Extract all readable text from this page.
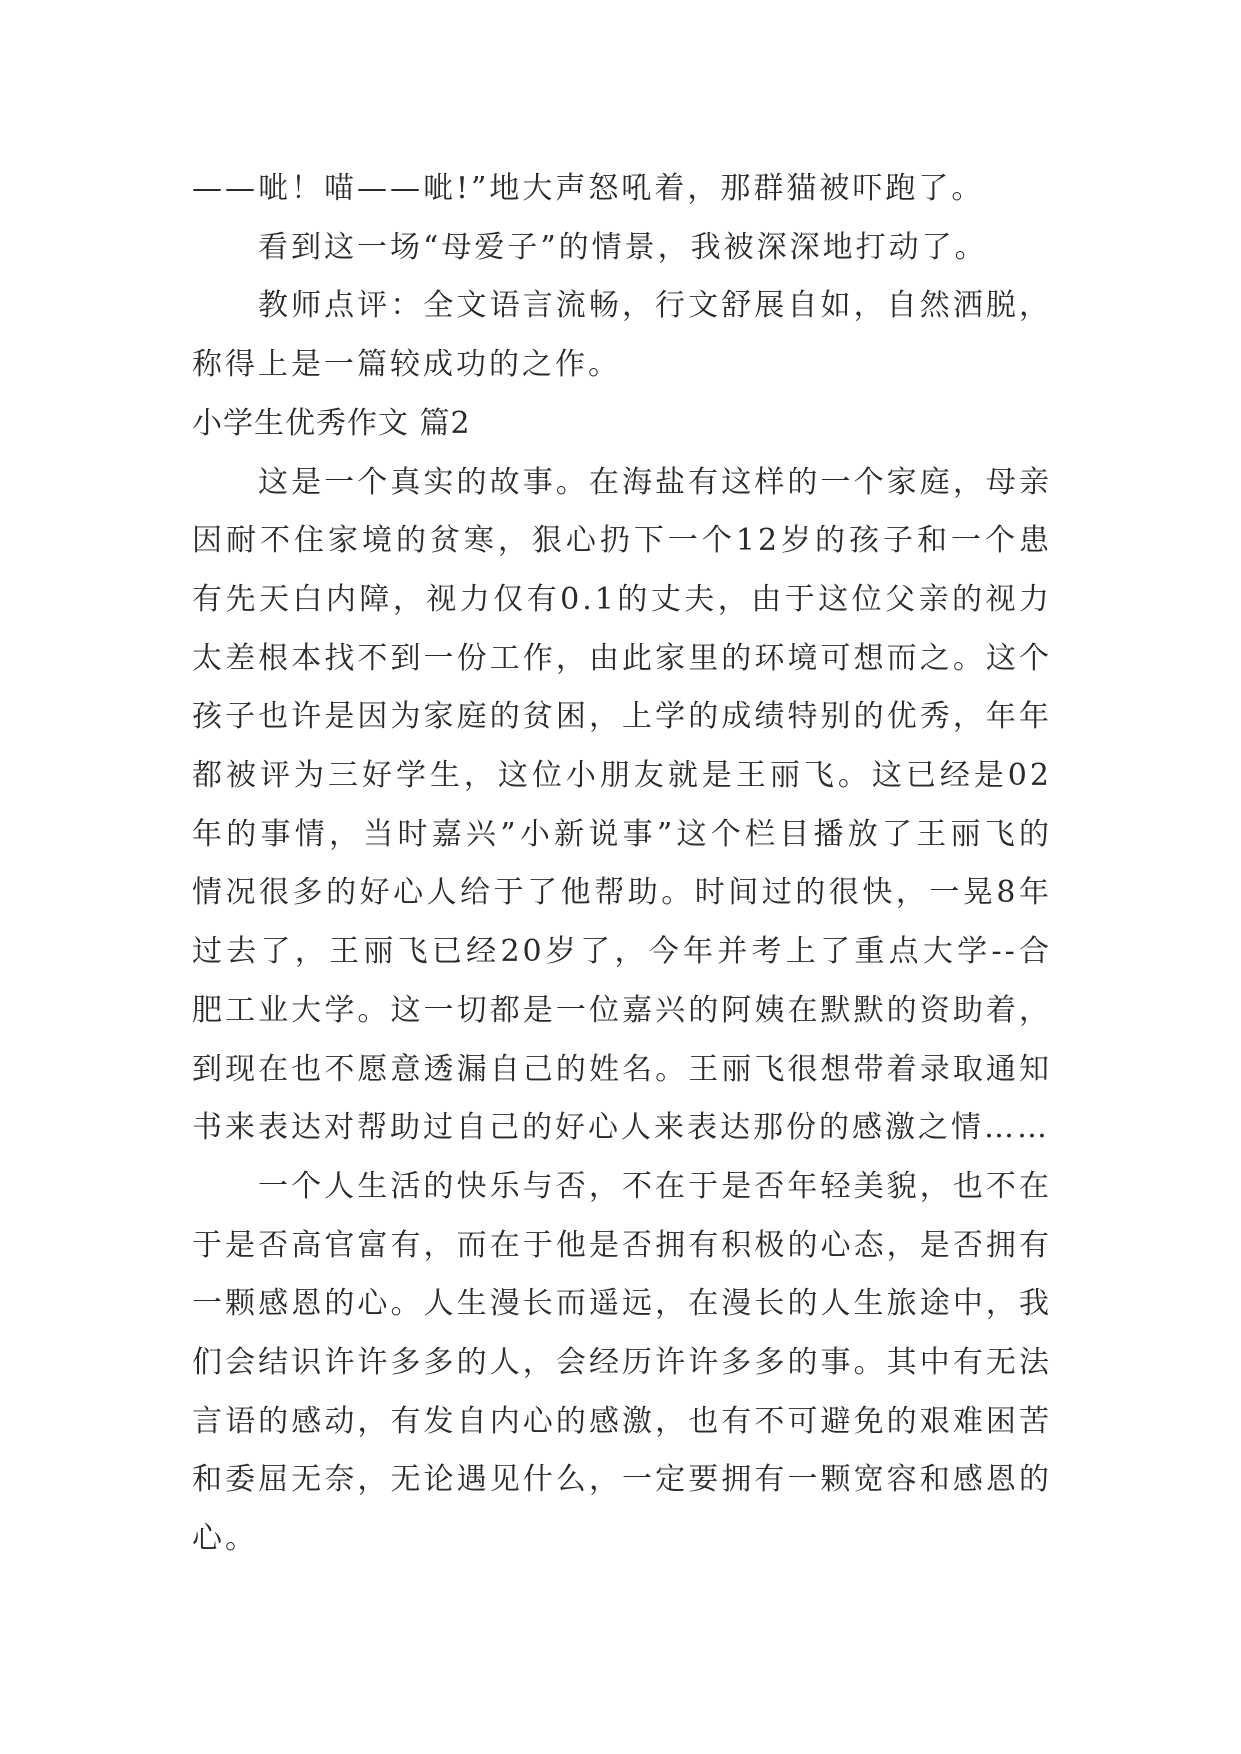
——呲！喵——呲!”地大声怒吼着，那群猫被吓跑了。

看到这一场“母爱子”的情景，我被深深地打动了。

教师点评：全文语言流畅，行文舒展自如，自然洒脱，称得上是一篇较成功的之作。

小学生优秀作文 篇2

这是一个真实的故事。在海盐有这样的一个家庭，母亲因耐不住家境的贫寒，狠心扔下一个12岁的孩子和一个患有先天白内障，视力仅有0.1的丈夫，由于这位父亲的视力太差根本找不到一份工作，由此家里的环境可想而之。这个孩子也许是因为家庭的贫困，上学的成绩特别的优秀，年年都被评为三好学生，这位小朋友就是王丽飞。这已经是02年的事情，当时嘉兴”小新说事”这个栏目播放了王丽飞的情况很多的好心人给于了他帮助。时间过的很快，一晃8年过去了，王丽飞已经20岁了，今年并考上了重点大学--合肥工业大学。这一切都是一位嘉兴的阿姨在默默的资助着，到现在也不愿意透漏自己的姓名。王丽飞很想带着录取通知书来表达对帮助过自己的好心人来表达那份的感激之情……

一个人生活的快乐与否，不在于是否年轻美貌，也不在于是否高官富有，而在于他是否拥有积极的心态，是否拥有一颗感恩的心。人生漫长而遥远，在漫长的人生旅途中，我们会结识许许多多的人，会经历许许多多的事。其中有无法言语的感动，有发自内心的感激，也有不可避免的艰难困苦和委屈无奈，无论遇见什么，一定要拥有一颗宽容和感恩的心。
